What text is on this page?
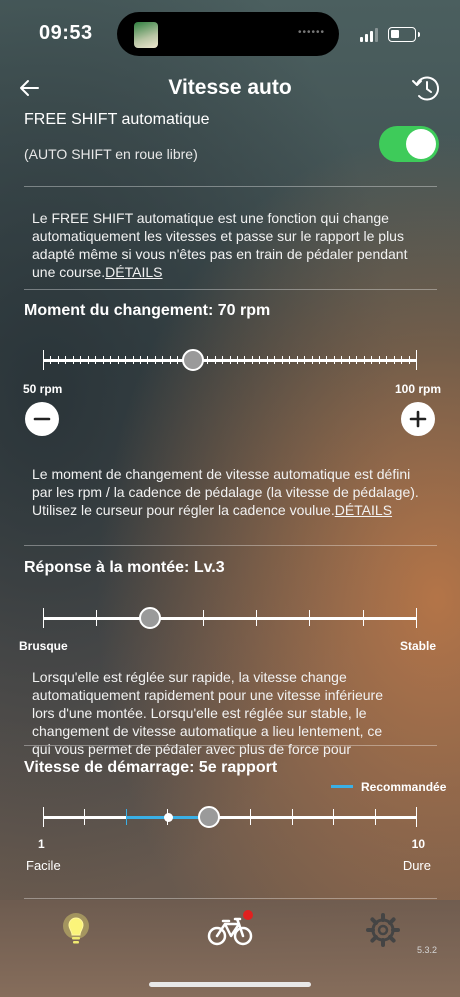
09:53	••••••
Vitesse auto
FREE SHIFT automatique
(AUTO SHIFT en roue libre)
Le FREE SHIFT automatique est une fonction qui change automatiquement les vitesses et passe sur le rapport le plus adapté même si vous n'êtes pas en train de pédaler pendant une course.DÉTAILS
Moment du changement: 70 rpm
50 rpm	100 rpm
Le moment de changement de vitesse automatique est défini par les rpm / la cadence de pédalage (la vitesse de pédalage). Utilisez le curseur pour régler la cadence voulue.DÉTAILS
Réponse à la montée: Lv.3
Brusque	Stable
Lorsqu'elle est réglée sur rapide, la vitesse change automatiquement rapidement pour une vitesse inférieure lors d'une montée. Lorsqu'elle est réglée sur stable, le changement de vitesse automatique a lieu lentement, ce qui vous permet de pédaler avec plus de force pour
Vitesse de démarrage: 5e rapport
Recommandée
1	10
Facile	Dure
5.3.2
